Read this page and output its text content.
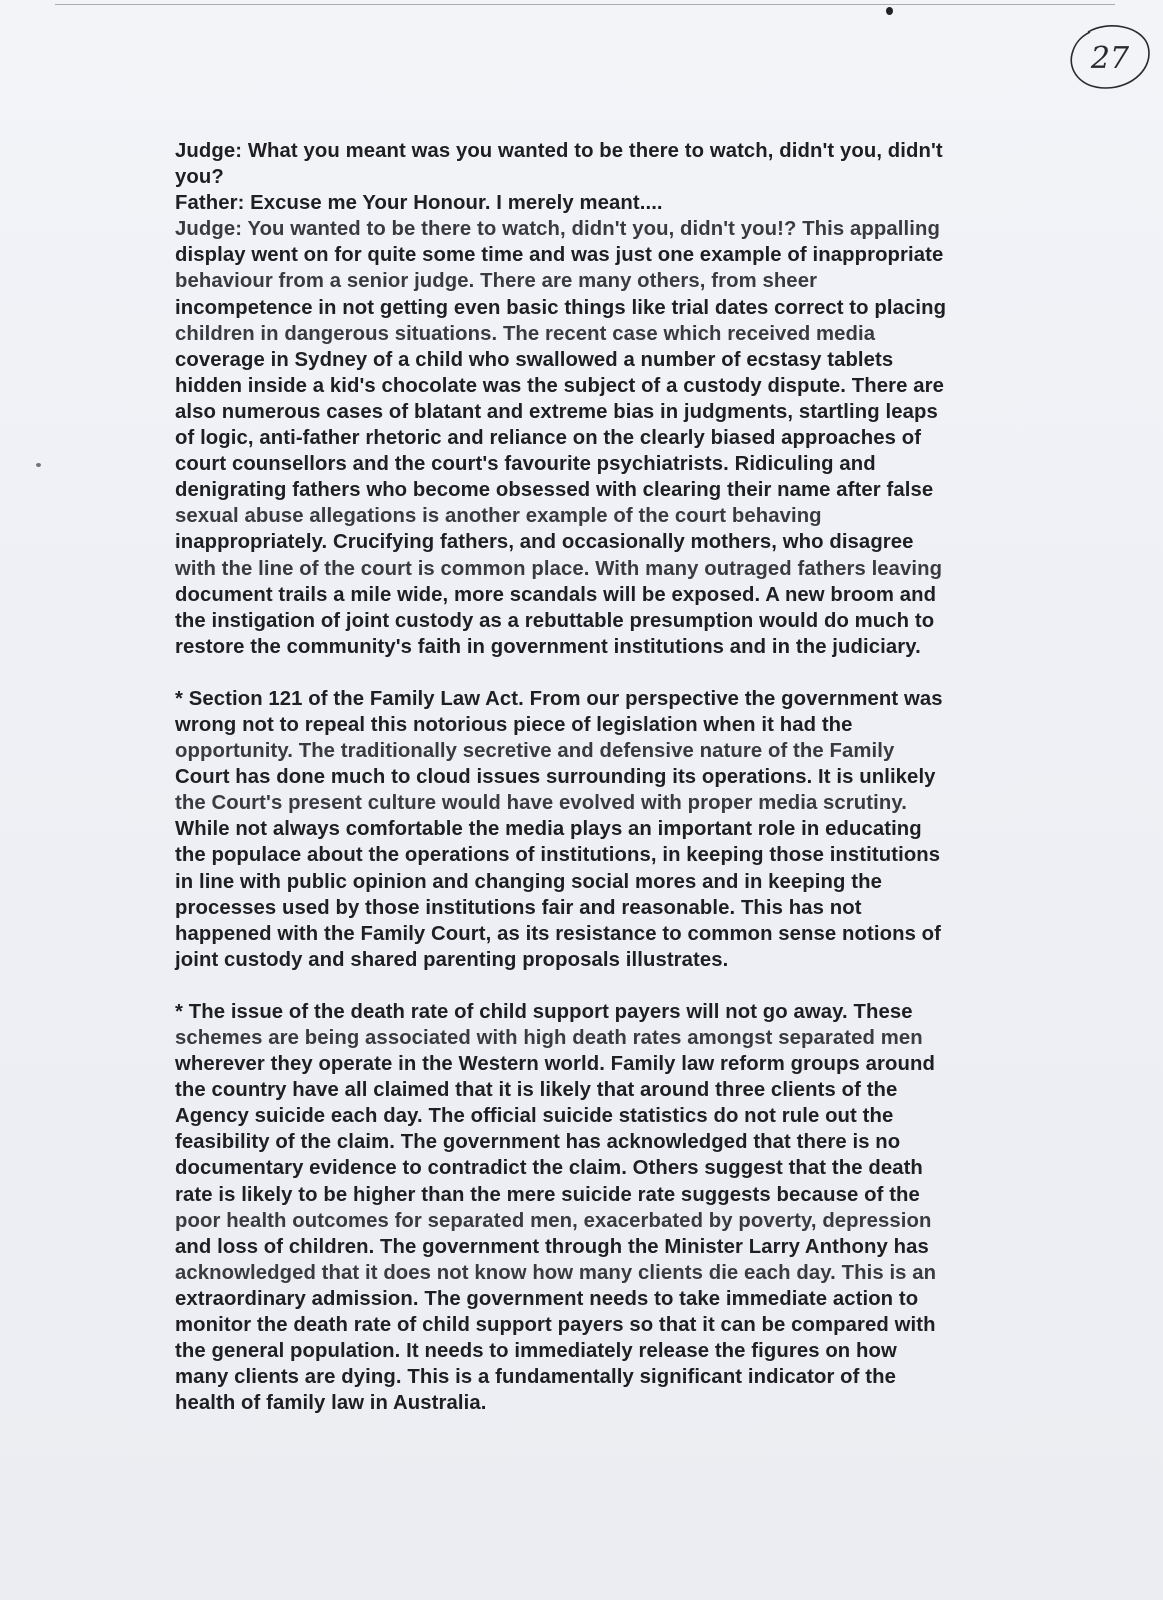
27
Judge: What you meant was you wanted to be there to watch, didn't you, didn't
you?
Father: Excuse me Your Honour. I merely meant....
Judge: You wanted to be there to watch, didn't you, didn't you!? This appalling
display went on for quite some time and was just one example of inappropriate
behaviour from a senior judge. There are many others, from sheer
incompetence in not getting even basic things like trial dates correct to placing
children in dangerous situations. The recent case which received media
coverage in Sydney of a child who swallowed a number of ecstasy tablets
hidden inside a kid's chocolate was the subject of a custody dispute. There are
also numerous cases of blatant and extreme bias in judgments, startling leaps
of logic, anti-father rhetoric and reliance on the clearly biased approaches of
court counsellors and the court's favourite psychiatrists. Ridiculing and
denigrating fathers who become obsessed with clearing their name after false
sexual abuse allegations is another example of the court behaving
inappropriately. Crucifying fathers, and occasionally mothers, who disagree
with the line of the court is common place. With many outraged fathers leaving
document trails a mile wide, more scandals will be exposed. A new broom and
the instigation of joint custody as a rebuttable presumption would do much to
restore the community's faith in government institutions and in the judiciary.
* Section 121 of the Family Law Act. From our perspective the government was
wrong not to repeal this notorious piece of legislation when it had the
opportunity. The traditionally secretive and defensive nature of the Family
Court has done much to cloud issues surrounding its operations. It is unlikely
the Court's present culture would have evolved with proper media scrutiny.
While not always comfortable the media plays an important role in educating
the populace about the operations of institutions, in keeping those institutions
in line with public opinion and changing social mores and in keeping the
processes used by those institutions fair and reasonable. This has not
happened with the Family Court, as its resistance to common sense notions of
joint custody and shared parenting proposals illustrates.
* The issue of the death rate of child support payers will not go away. These
schemes are being associated with high death rates amongst separated men
wherever they operate in the Western world. Family law reform groups around
the country have all claimed that it is likely that around three clients of the
Agency suicide each day. The official suicide statistics do not rule out the
feasibility of the claim. The government has acknowledged that there is no
documentary evidence to contradict the claim. Others suggest that the death
rate is likely to be higher than the mere suicide rate suggests because of the
poor health outcomes for separated men, exacerbated by poverty, depression
and loss of children. The government through the Minister Larry Anthony has
acknowledged that it does not know how many clients die each day. This is an
extraordinary admission. The government needs to take immediate action to
monitor the death rate of child support payers so that it can be compared with
the general population. It needs to immediately release the figures on how
many clients are dying. This is a fundamentally significant indicator of the
health of family law in Australia.
